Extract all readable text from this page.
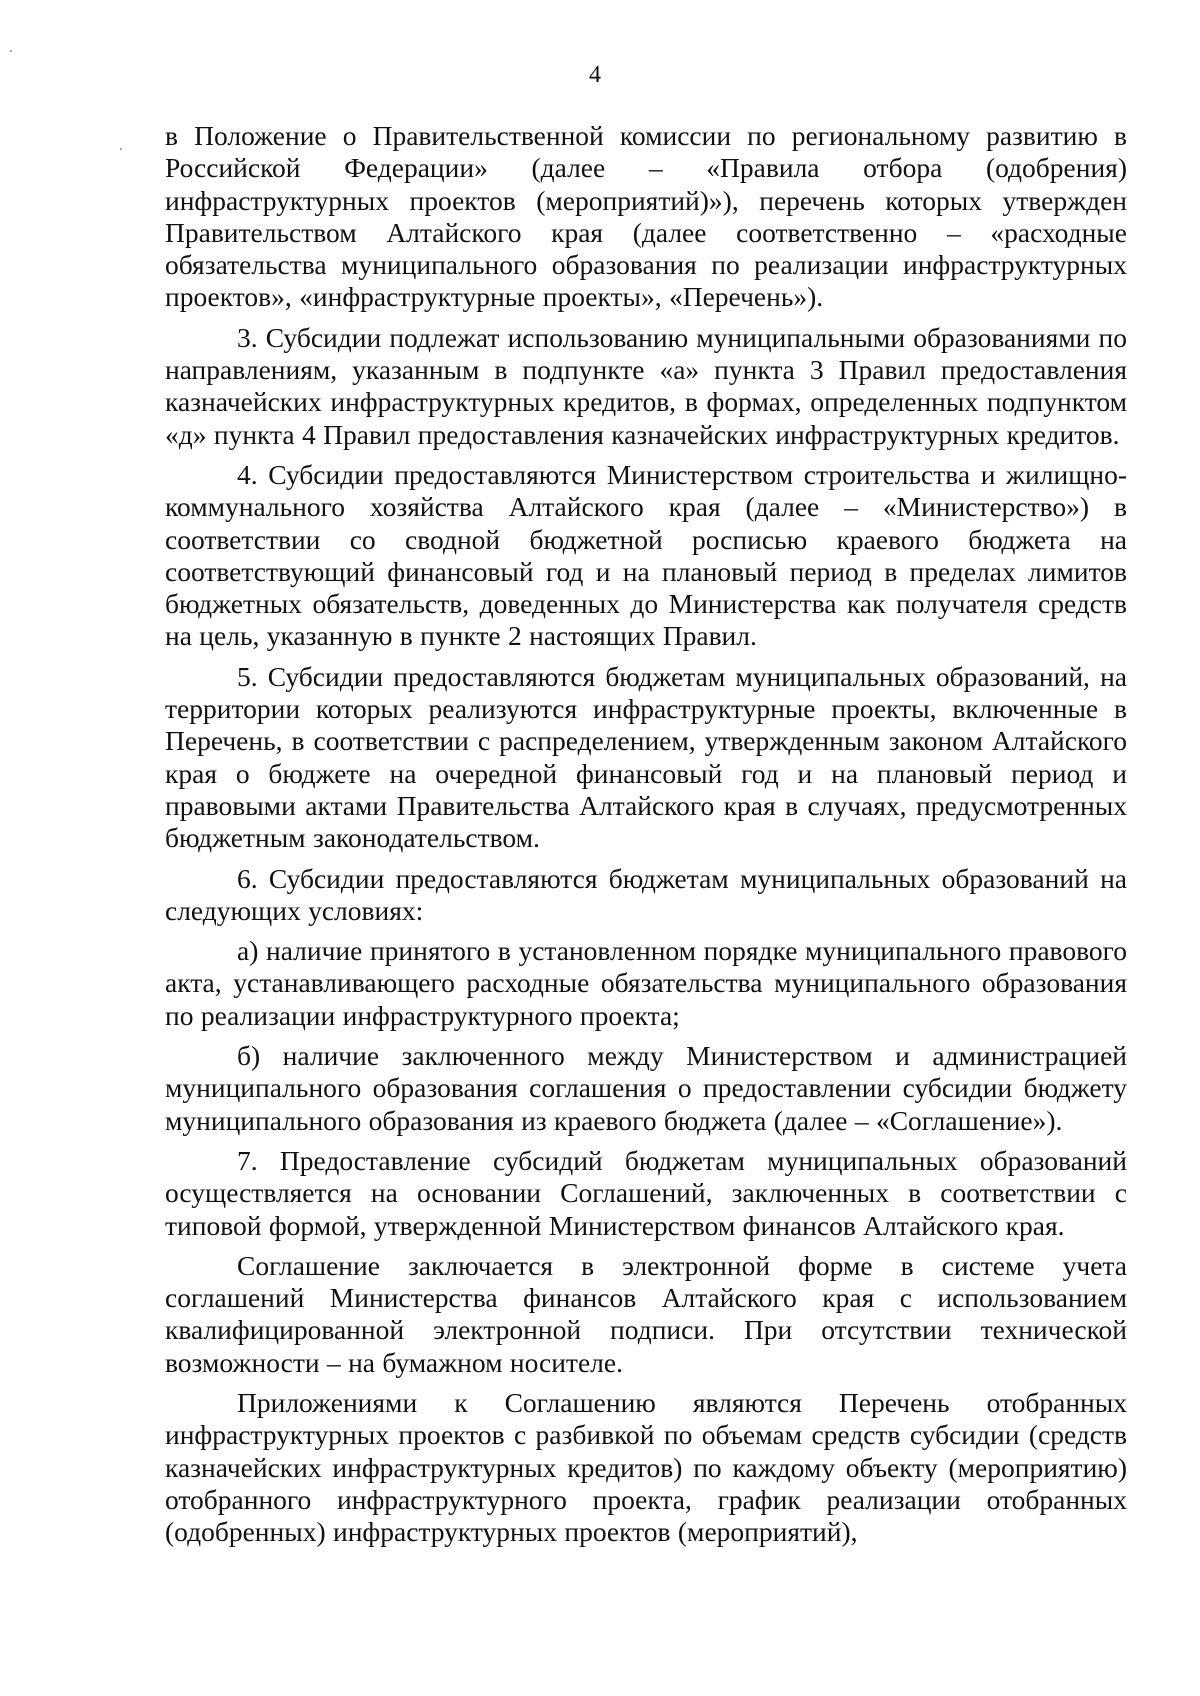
4

в Положение о Правительственной комиссии по региональному развитию в Российской Федерации» (далее – «Правила отбора (одобрения) инфраструктурных проектов (мероприятий)»), перечень которых утвержден Правительством Алтайского края (далее соответственно – «расходные обязательства муниципального образования по реализации инфраструктурных проектов», «инфраструктурные проекты», «Перечень»).

3. Субсидии подлежат использованию муниципальными образованиями по направлениям, указанным в подпункте «а» пункта 3 Правил предоставления казначейских инфраструктурных кредитов, в формах, определенных подпунктом «д» пункта 4 Правил предоставления казначейских инфраструктурных кредитов.

4. Субсидии предоставляются Министерством строительства и жилищно-коммунального хозяйства Алтайского края (далее – «Министерство») в соответствии со сводной бюджетной росписью краевого бюджета на соответствующий финансовый год и на плановый период в пределах лимитов бюджетных обязательств, доведенных до Министерства как получателя средств на цель, указанную в пункте 2 настоящих Правил.

5. Субсидии предоставляются бюджетам муниципальных образований, на территории которых реализуются инфраструктурные проекты, включенные в Перечень, в соответствии с распределением, утвержденным законом Алтайского края о бюджете на очередной финансовый год и на плановый период и правовыми актами Правительства Алтайского края в случаях, предусмотренных бюджетным законодательством.

6. Субсидии предоставляются бюджетам муниципальных образований на следующих условиях:

а) наличие принятого в установленном порядке муниципального правового акта, устанавливающего расходные обязательства муниципального образования по реализации инфраструктурного проекта;

б) наличие заключенного между Министерством и администрацией муниципального образования соглашения о предоставлении субсидии бюджету муниципального образования из краевого бюджета (далее – «Соглашение»).

7. Предоставление субсидий бюджетам муниципальных образований осуществляется на основании Соглашений, заключенных в соответствии с типовой формой, утвержденной Министерством финансов Алтайского края.

Соглашение заключается в электронной форме в системе учета соглашений Министерства финансов Алтайского края с использованием квалифицированной электронной подписи. При отсутствии технической возможности – на бумажном носителе.

Приложениями к Соглашению являются Перечень отобранных инфраструктурных проектов с разбивкой по объемам средств субсидии (средств казначейских инфраструктурных кредитов) по каждому объекту (мероприятию) отобранного инфраструктурного проекта, график реализации отобранных (одобренных) инфраструктурных проектов (мероприятий),
